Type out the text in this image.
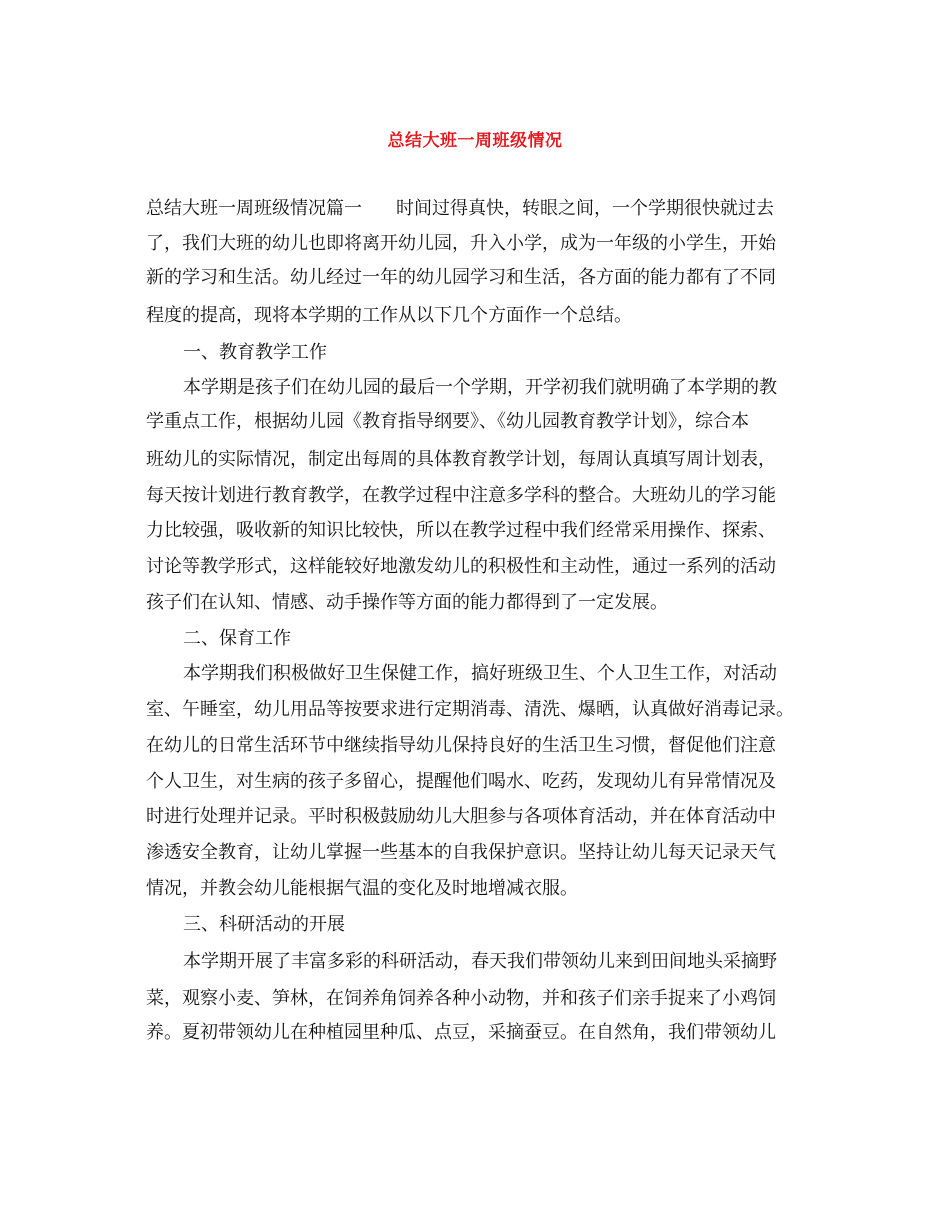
总结大班一周班级情况
总结大班一周班级情况篇一 时间过得真快，转眼之间，一个学期很快就过去
了，我们大班的幼儿也即将离开幼儿园，升入小学，成为一年级的小学生，开始
新的学习和生活。幼儿经过一年的幼儿园学习和生活，各方面的能力都有了不同
程度的提高，现将本学期的工作从以下几个方面作一个总结。
一、教育教学工作
本学期是孩子们在幼儿园的最后一个学期，开学初我们就明确了本学期的教
学重点工作，根据幼儿园《教育指导纲要》、《幼儿园教育教学计划》，综合本
班幼儿的实际情况，制定出每周的具体教育教学计划，每周认真填写周计划表，
每天按计划进行教育教学，在教学过程中注意多学科的整合。大班幼儿的学习能
力比较强，吸收新的知识比较快，所以在教学过程中我们经常采用操作、探索、
讨论等教学形式，这样能较好地激发幼儿的积极性和主动性，通过一系列的活动
孩子们在认知、情感、动手操作等方面的能力都得到了一定发展。
二、保育工作
本学期我们积极做好卫生保健工作，搞好班级卫生、个人卫生工作，对活动
室、午睡室，幼儿用品等按要求进行定期消毒、清洗、爆晒，认真做好消毒记录。
在幼儿的日常生活环节中继续指导幼儿保持良好的生活卫生习惯，督促他们注意
个人卫生，对生病的孩子多留心，提醒他们喝水、吃药，发现幼儿有异常情况及
时进行处理并记录。平时积极鼓励幼儿大胆参与各项体育活动，并在体育活动中
渗透安全教育，让幼儿掌握一些基本的自我保护意识。坚持让幼儿每天记录天气
情况，并教会幼儿能根据气温的变化及时地增减衣服。
三、科研活动的开展
本学期开展了丰富多彩的科研活动，春天我们带领幼儿来到田间地头采摘野
菜，观察小麦、笋林，在饲养角饲养各种小动物，并和孩子们亲手捉来了小鸡饲
养。夏初带领幼儿在种植园里种瓜、点豆，采摘蚕豆。在自然角，我们带领幼儿
